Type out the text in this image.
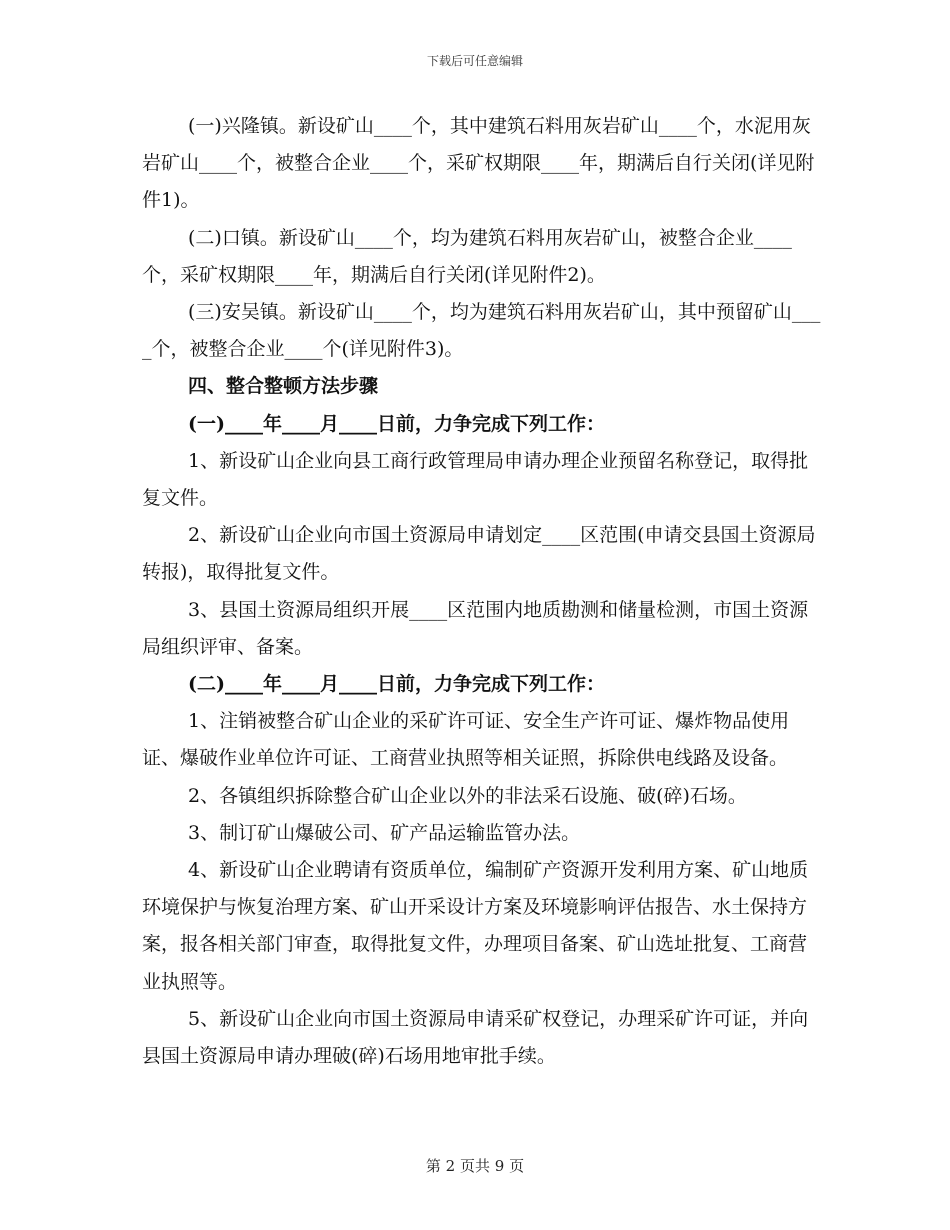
下载后可任意编辑

(一)兴隆镇。新设矿山____个，其中建筑石料用灰岩矿山____个，水泥用灰岩矿山____个，被整合企业____个，采矿权期限____年，期满后自行关闭(详见附件1)。

(二)口镇。新设矿山____个，均为建筑石料用灰岩矿山，被整合企业____个，采矿权期限____年，期满后自行关闭(详见附件2)。

(三)安吴镇。新设矿山____个，均为建筑石料用灰岩矿山，其中预留矿山____个，被整合企业____个(详见附件3)。

四、整合整顿方法步骤

(一)____年____月____日前，力争完成下列工作：

1、新设矿山企业向县工商行政管理局申请办理企业预留名称登记，取得批复文件。

2、新设矿山企业向市国土资源局申请划定____区范围(申请交县国土资源局转报)，取得批复文件。

3、县国土资源局组织开展____区范围内地质勘测和储量检测，市国土资源局组织评审、备案。

(二)____年____月____日前，力争完成下列工作：

1、注销被整合矿山企业的采矿许可证、安全生产许可证、爆炸物品使用证、爆破作业单位许可证、工商营业执照等相关证照，拆除供电线路及设备。

2、各镇组织拆除整合矿山企业以外的非法采石设施、破(碎)石场。

3、制订矿山爆破公司、矿产品运输监管办法。

4、新设矿山企业聘请有资质单位，编制矿产资源开发利用方案、矿山地质环境保护与恢复治理方案、矿山开采设计方案及环境影响评估报告、水土保持方案，报各相关部门审查，取得批复文件，办理项目备案、矿山选址批复、工商营业执照等。

5、新设矿山企业向市国土资源局申请采矿权登记，办理采矿许可证，并向县国土资源局申请办理破(碎)石场用地审批手续。

第 2 页共 9 页
